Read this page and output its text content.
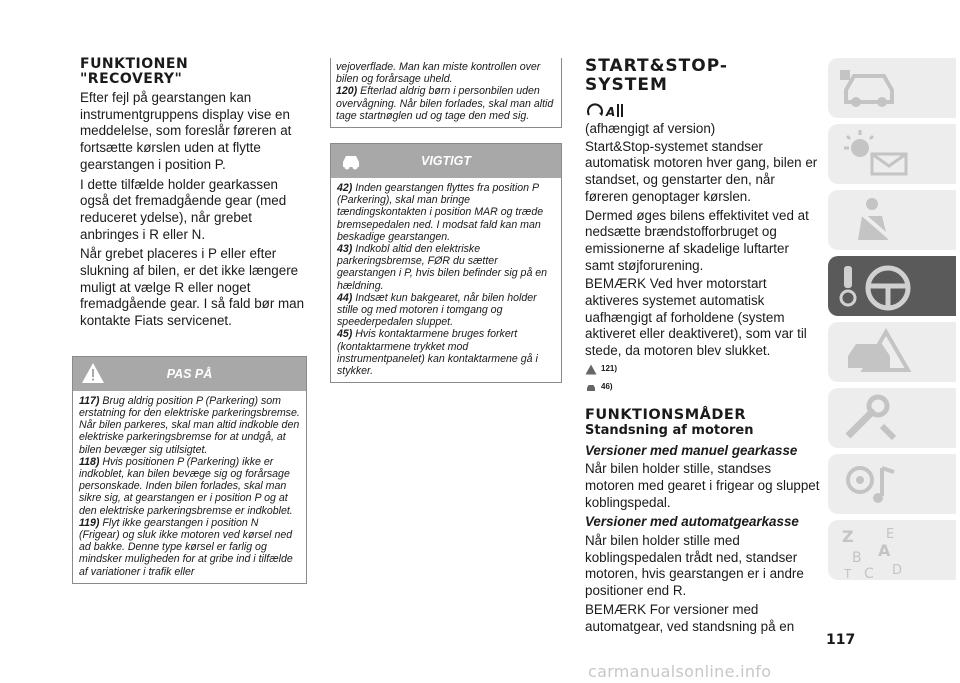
FUNKTIONEN

"RECOVERY"

Efter fejl på gearstangen kan instrumentgruppens display vise en meddelelse, som foreslår føreren at fortsætte kørslen uden at flytte gearstangen i position P.

I dette tilfælde holder gearkassen også det fremadgående gear (med reduceret ydelse), når grebet anbringes i R eller N.

Når grebet placeres i P eller efter slukning af bilen, er det ikke længere muligt at vælge R eller noget fremadgående gear. I så fald bør man kontakte Fiats servicenet.

PAS PÅ

117) Brug aldrig position P (Parkering) som erstatning for den elektriske parkeringsbremse. Når bilen parkeres, skal man altid indkoble den elektriske parkeringsbremse for at undgå, at bilen bevæger sig utilsigtet.

118) Hvis positionen P (Parkering) ikke er indkoblet, kan bilen bevæge sig og forårsage personskade. Inden bilen forlades, skal man sikre sig, at gearstangen er i position P og at den elektriske parkeringsbremse er indkoblet.

119) Flyt ikke gearstangen i position N (Frigear) og sluk ikke motoren ved kørsel ned ad bakke. Denne type kørsel er farlig og mindsker muligheden for at gribe ind i tilfælde af variationer i trafik eller

vejoverflade. Man kan miste kontrollen over bilen og forårsage uheld.

120) Efterlad aldrig børn i personbilen uden overvågning. Når bilen forlades, skal man altid tage startnøglen ud og tage den med sig.

VIGTIGT

42) Inden gearstangen flyttes fra position P (Parkering), skal man bringe tændingskontakten i position MAR og træde bremsepedalen ned. I modsat fald kan man beskadige gearstangen.

43) Indkobl altid den elektriske parkeringsbremse, FØR du sætter gearstangen i P, hvis bilen befinder sig på en hældning.

44) Indsæt kun bakgearet, når bilen holder stille og med motoren i tomgang og speederpedalen sluppet.

45) Hvis kontaktarmene bruges forkert (kontaktarmene trykket mod instrumentpanelet) kan kontaktarmene gå i stykker.

START&STOP-

SYSTEM

A

(afhængigt af version)

Start&Stop-systemet standser automatisk motoren hver gang, bilen er standset, og genstarter den, når føreren genoptager kørslen.

Dermed øges bilens effektivitet ved at nedsætte brændstofforbruget og emissionerne af skadelige luftarter samt støjforurening.

BEMÆRK Ved hver motorstart aktiveres systemet automatisk uafhængigt af forholdene (system aktiveret eller deaktiveret), som var til stede, da motoren blev slukket.

121)
46)

FUNKTIONSMÅDER

Standsning af motoren

Versioner med manuel gearkasse

Når bilen holder stille, standses motoren med gearet i frigear og sluppet koblingspedal.

Versioner med automatgearkasse

Når bilen holder stille med koblingspedalen trådt ned, standser motoren, hvis gearstangen er i andre positioner end R.

BEMÆRK For versioner med automatgear, ved standsning på en

Z E
A
B
C D
T
117
carmanualsonline.info
